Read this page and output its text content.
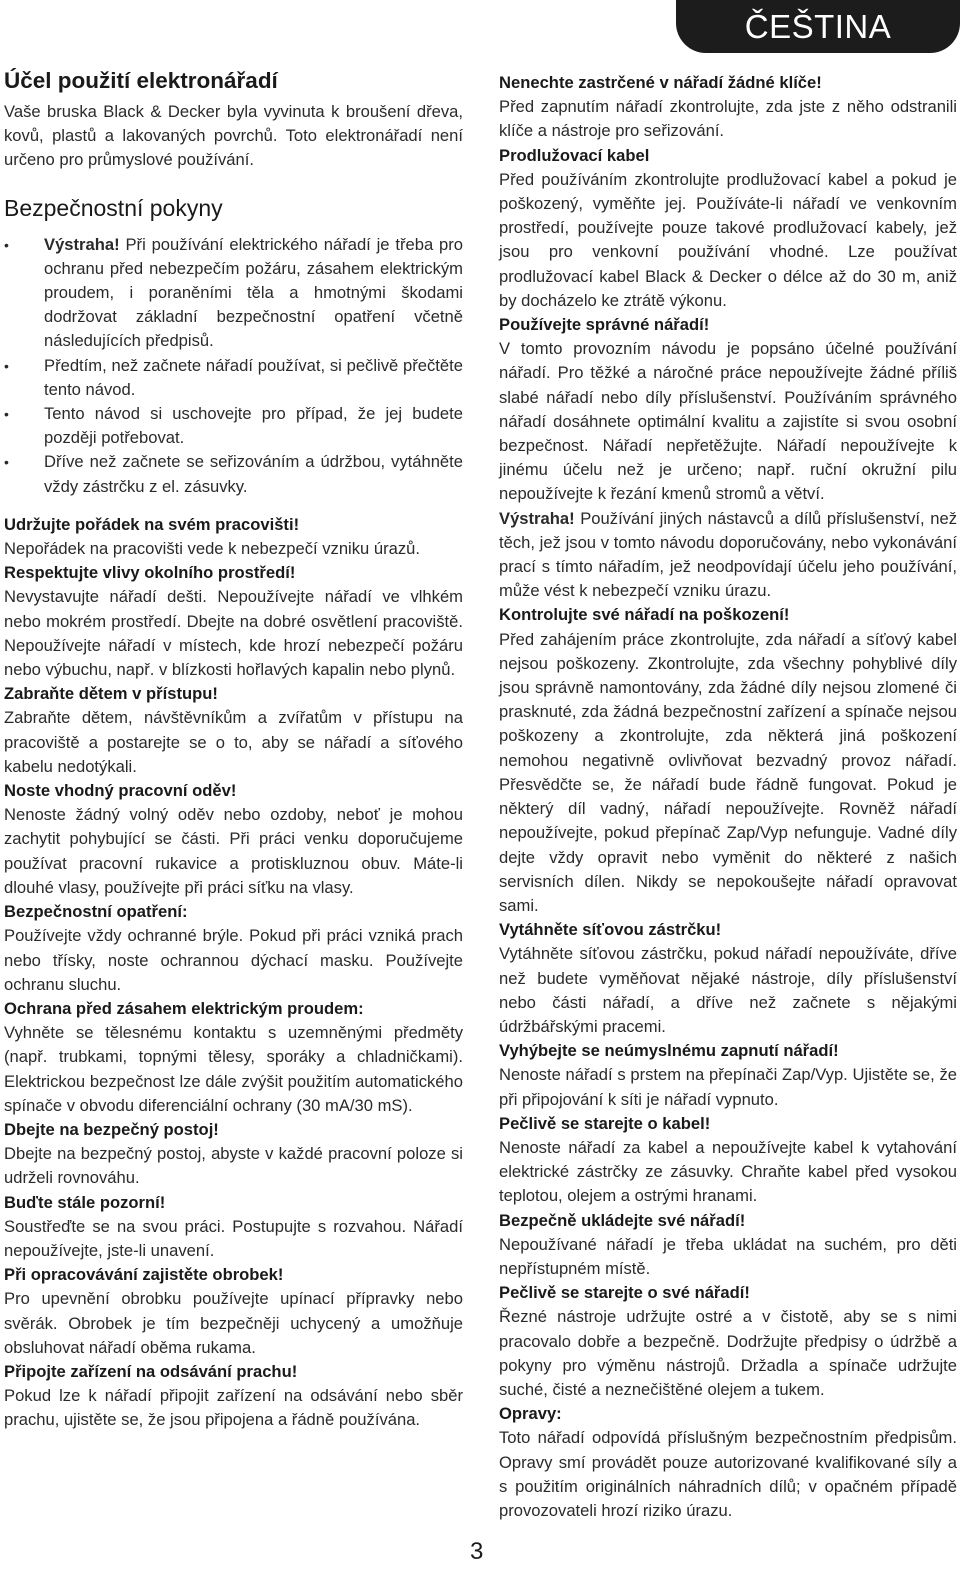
ČEŠTINA
Účel použití elektronářadí

Vaše bruska Black & Decker byla vyvinuta k broušení dřeva, kovů, plastů a lakovaných povrchů. Toto elektronářadí není určeno pro průmyslové používání.

Bezpečnostní pokyny
• Výstraha! Při používání elektrického nářadí je třeba pro ochranu před nebezpečím požáru, zásahem elektrickým proudem, i poraněními těla a hmotnými škodami dodržovat základní bezpečnostní opatření včetně následujících předpisů.
• Předtím, než začnete nářadí používat, si pečlivě přečtěte tento návod.
• Tento návod si uschovejte pro případ, že jej budete později potřebovat.
• Dříve než začnete se seřizováním a údržbou, vytáhněte vždy zástrčku z el. zásuvky.

Udržujte pořádek na svém pracovišti!

Nepořádek na pracovišti vede k nebezpečí vzniku úrazů.

Respektujte vlivy okolního prostředí!

Nevystavujte nářadí dešti. Nepoužívejte nářadí ve vlhkém nebo mokrém prostředí. Dbejte na dobré osvětlení pracoviště. Nepoužívejte nářadí v místech, kde hrozí nebezpečí požáru nebo výbuchu, např. v blízkosti hořlavých kapalin nebo plynů.

Zabraňte dětem v přístupu!

Zabraňte dětem, návštěvníkům a zvířatům v přístupu na pracoviště a postarejte se o to, aby se nářadí a síťového kabelu nedotýkali.

Noste vhodný pracovní oděv!

Nenoste žádný volný oděv nebo ozdoby, neboť je mohou zachytit pohybující se části. Při práci venku doporučujeme používat pracovní rukavice a protiskluznou obuv. Máte-li dlouhé vlasy, používejte při práci síťku na vlasy.

Bezpečnostní opatření:

Používejte vždy ochranné brýle. Pokud při práci vzniká prach nebo třísky, noste ochrannou dýchací masku. Používejte ochranu sluchu.

Ochrana před zásahem elektrickým proudem:

Vyhněte se tělesnému kontaktu s uzemněnými předměty (např. trubkami, topnými tělesy, sporáky a chladničkami). Elektrickou bezpečnost lze dále zvýšit použitím automatického spínače v obvodu diferenciální ochrany (30 mA/30 mS).

Dbejte na bezpečný postoj!

Dbejte na bezpečný postoj, abyste v každé pracovní poloze si udrželi rovnováhu.

Buďte stále pozorní!

Soustřeďte se na svou práci. Postupujte s rozvahou. Nářadí nepoužívejte, jste-li unavení.

Při opracovávání zajistěte obrobek!

Pro upevnění obrobku používejte upínací přípravky nebo svěrák. Obrobek je tím bezpečněji uchycený a umožňuje obsluhovat nářadí oběma rukama.

Připojte zařízení na odsávání prachu!

Pokud lze k nářadí připojit zařízení na odsávání nebo sběr prachu, ujistěte se, že jsou připojena a řádně používána.

Nenechte zastrčené v nářadí žádné klíče!

Před zapnutím nářadí zkontrolujte, zda jste z něho odstranili klíče a nástroje pro seřizování.

Prodlužovací kabel

Před používáním zkontrolujte prodlužovací kabel a pokud je poškozený, vyměňte jej. Používáte-li nářadí ve venkovním prostředí, používejte pouze takové prodlužovací kabely, jež jsou pro venkovní používání vhodné. Lze používat prodlužovací kabel Black & Decker o délce až do 30 m, aniž by docházelo ke ztrátě výkonu.

Používejte správné nářadí!

V tomto provozním návodu je popsáno účelné používání nářadí. Pro těžké a náročné práce nepoužívejte žádné příliš slabé nářadí nebo díly příslušenství. Používáním správného nářadí dosáhnete optimální kvalitu a zajistíte si svou osobní bezpečnost. Nářadí nepřetěžujte. Nářadí nepoužívejte k jinému účelu než je určeno; např. ruční okružní pilu nepoužívejte k řezání kmenů stromů a větví.

Výstraha! Používání jiných nástavců a dílů příslušenství, než těch, jež jsou v tomto návodu doporučovány, nebo vykonávání prací s tímto nářadím, jež neodpovídají účelu jeho používání, může vést k nebezpečí vzniku úrazu.

Kontrolujte své nářadí na poškození!

Před zahájením práce zkontrolujte, zda nářadí a síťový kabel nejsou poškozeny. Zkontrolujte, zda všechny pohyblivé díly jsou správně namontovány, zda žádné díly nejsou zlomené či prasknuté, zda žádná bezpečnostní zařízení a spínače nejsou poškozeny a zkontrolujte, zda některá jiná poškození nemohou negativně ovlivňovat bezvadný provoz nářadí. Přesvědčte se, že nářadí bude řádně fungovat. Pokud je některý díl vadný, nářadí nepoužívejte. Rovněž nářadí nepoužívejte, pokud přepínač Zap/Vyp nefunguje. Vadné díly dejte vždy opravit nebo vyměnit do některé z našich servisních dílen. Nikdy se nepokoušejte nářadí opravovat sami.

Vytáhněte síťovou zástrčku!

Vytáhněte síťovou zástrčku, pokud nářadí nepoužíváte, dříve než budete vyměňovat nějaké nástroje, díly příslušenství nebo části nářadí, a dříve než začnete s nějakými údržbářskými pracemi.

Vyhýbejte se neúmyslnému zapnutí nářadí!

Nenoste nářadí s prstem na přepínači Zap/Vyp. Ujistěte se, že při připojování k síti je nářadí vypnuto.

Pečlivě se starejte o kabel!

Nenoste nářadí za kabel a nepoužívejte kabel k vytahování elektrické zástrčky ze zásuvky. Chraňte kabel před vysokou teplotou, olejem a ostrými hranami.

Bezpečně ukládejte své nářadí!

Nepoužívané nářadí je třeba ukládat na suchém, pro děti nepřístupném místě.

Pečlivě se starejte o své nářadí!

Řezné nástroje udržujte ostré a v čistotě, aby se s nimi pracovalo dobře a bezpečně. Dodržujte předpisy o údržbě a pokyny pro výměnu nástrojů. Držadla a spínače udržujte suché, čisté a neznečištěné olejem a tukem.

Opravy:

Toto nářadí odpovídá příslušným bezpečnostním předpisům. Opravy smí provádět pouze autorizované kvalifikované síly a s použitím originálních náhradních dílů; v opačném případě provozovateli hrozí riziko úrazu.

3
